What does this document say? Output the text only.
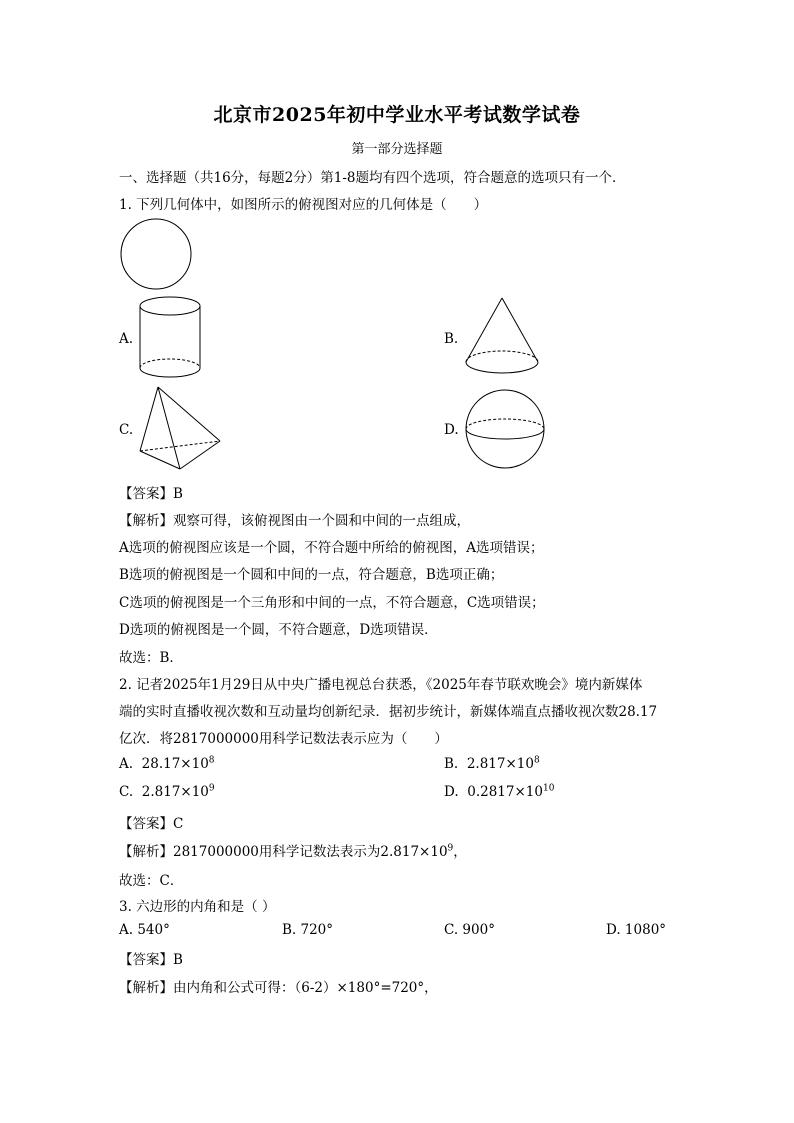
北京市2025年初中学业水平考试数学试卷
第一部分选择题
一、选择题（共16分，每题2分）第1-8题均有四个选项，符合题意的选项只有一个．
1. 下列几何体中，如图所示的俯视图对应的几何体是（　　）
A.	B.
C.	D.
【答案】B
【解析】观察可得，该俯视图由一个圆和中间的一点组成，
A选项的俯视图应该是一个圆，不符合题中所给的俯视图，A选项错误；
B选项的俯视图是一个圆和中间的一点，符合题意，B选项正确；
C选项的俯视图是一个三角形和中间的一点，不符合题意，C选项错误；
D选项的俯视图是一个圆，不符合题意，D选项错误．
故选：B．
2. 记者2025年1月29日从中央广播电视总台获悉，《2025年春节联欢晚会》境内新媒体
端的实时直播收视次数和互动量均创新纪录．据初步统计，新媒体端直点播收视次数28.17
亿次．将2817000000用科学记数法表示应为（　　）
A. $28.17\times 10^8$	B. $2.817\times 10^8$
C. $2.817\times 10^9$	D. $0.2817\times 10^{10}$
【答案】C
【解析】2817000000用科学记数法表示为$2.817\times 10^9$，
故选：C．
3. 六边形的内角和是（ ）
A. 540°	B. 720°	C. 900°	D. 1080°
【答案】B
【解析】由内角和公式可得：（6-2）×180°=720°，
